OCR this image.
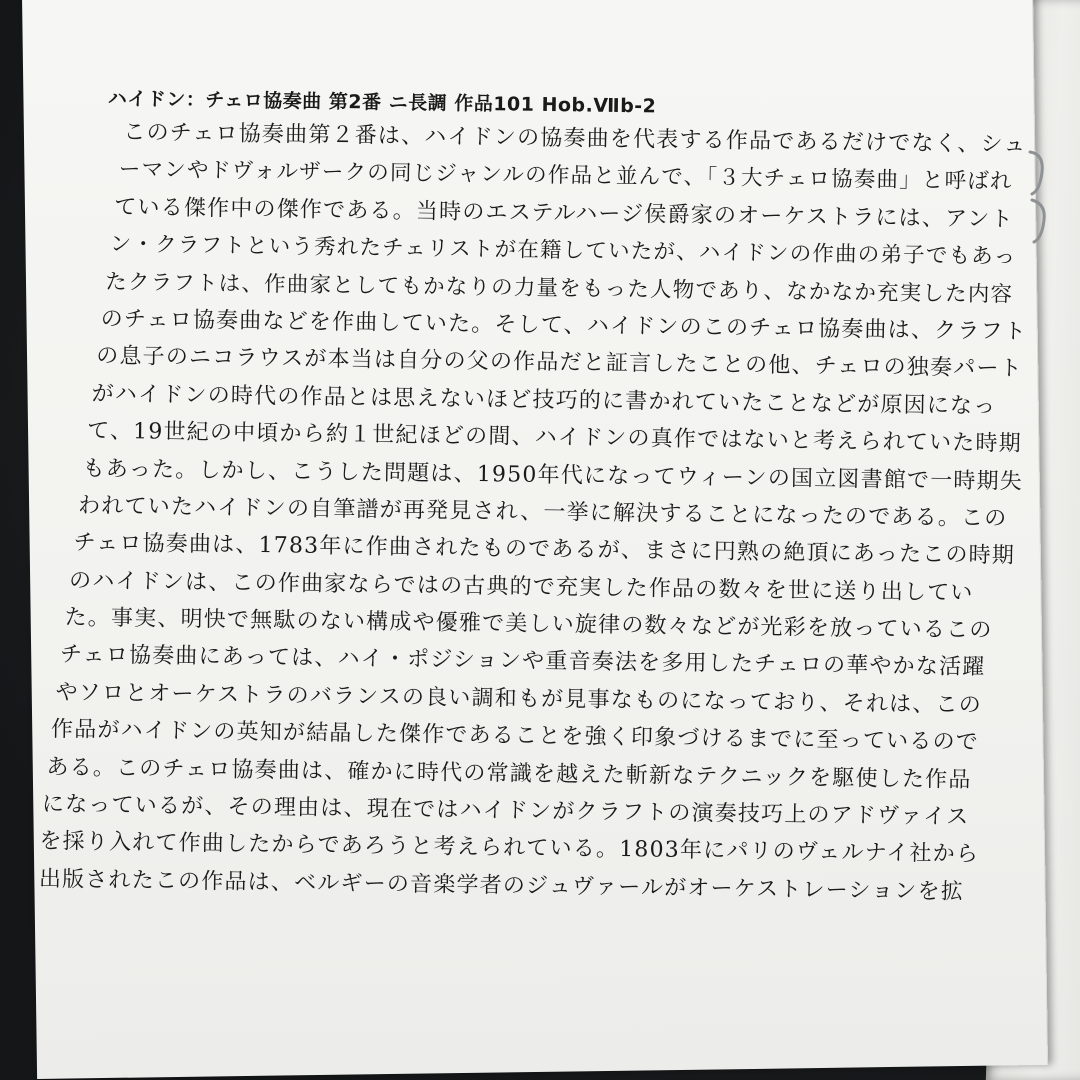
ハイドン：チェロ協奏曲 第2番 ニ長調 作品101 Hob.Ⅶb-2
このチェロ協奏曲第２番は、ハイドンの協奏曲を代表する作品であるだけでなく、シュ
ーマンやドヴォルザークの同じジャンルの作品と並んで、「３大チェロ協奏曲」と呼ばれ
ている傑作中の傑作である。当時のエステルハージ侯爵家のオーケストラには、アント
ン・クラフトという秀れたチェリストが在籍していたが、ハイドンの作曲の弟子でもあっ
たクラフトは、作曲家としてもかなりの力量をもった人物であり、なかなか充実した内容
のチェロ協奏曲などを作曲していた。そして、ハイドンのこのチェロ協奏曲は、クラフト
の息子のニコラウスが本当は自分の父の作品だと証言したことの他、チェロの独奏パート
がハイドンの時代の作品とは思えないほど技巧的に書かれていたことなどが原因になっ
て、19世紀の中頃から約１世紀ほどの間、ハイドンの真作ではないと考えられていた時期
もあった。しかし、こうした問題は、1950年代になってウィーンの国立図書館で一時期失
われていたハイドンの自筆譜が再発見され、一挙に解決することになったのである。この
チェロ協奏曲は、1783年に作曲されたものであるが、まさに円熟の絶頂にあったこの時期
のハイドンは、この作曲家ならではの古典的で充実した作品の数々を世に送り出してい
た。事実、明快で無駄のない構成や優雅で美しい旋律の数々などが光彩を放っているこの
チェロ協奏曲にあっては、ハイ・ポジションや重音奏法を多用したチェロの華やかな活躍
やソロとオーケストラのバランスの良い調和もが見事なものになっており、それは、この
作品がハイドンの英知が結晶した傑作であることを強く印象づけるまでに至っているので
ある。このチェロ協奏曲は、確かに時代の常識を越えた斬新なテクニックを駆使した作品
になっているが、その理由は、現在ではハイドンがクラフトの演奏技巧上のアドヴァイス
を採り入れて作曲したからであろうと考えられている。1803年にパリのヴェルナイ社から
出版されたこの作品は、ベルギーの音楽学者のジュヴァールがオーケストレーションを拡
